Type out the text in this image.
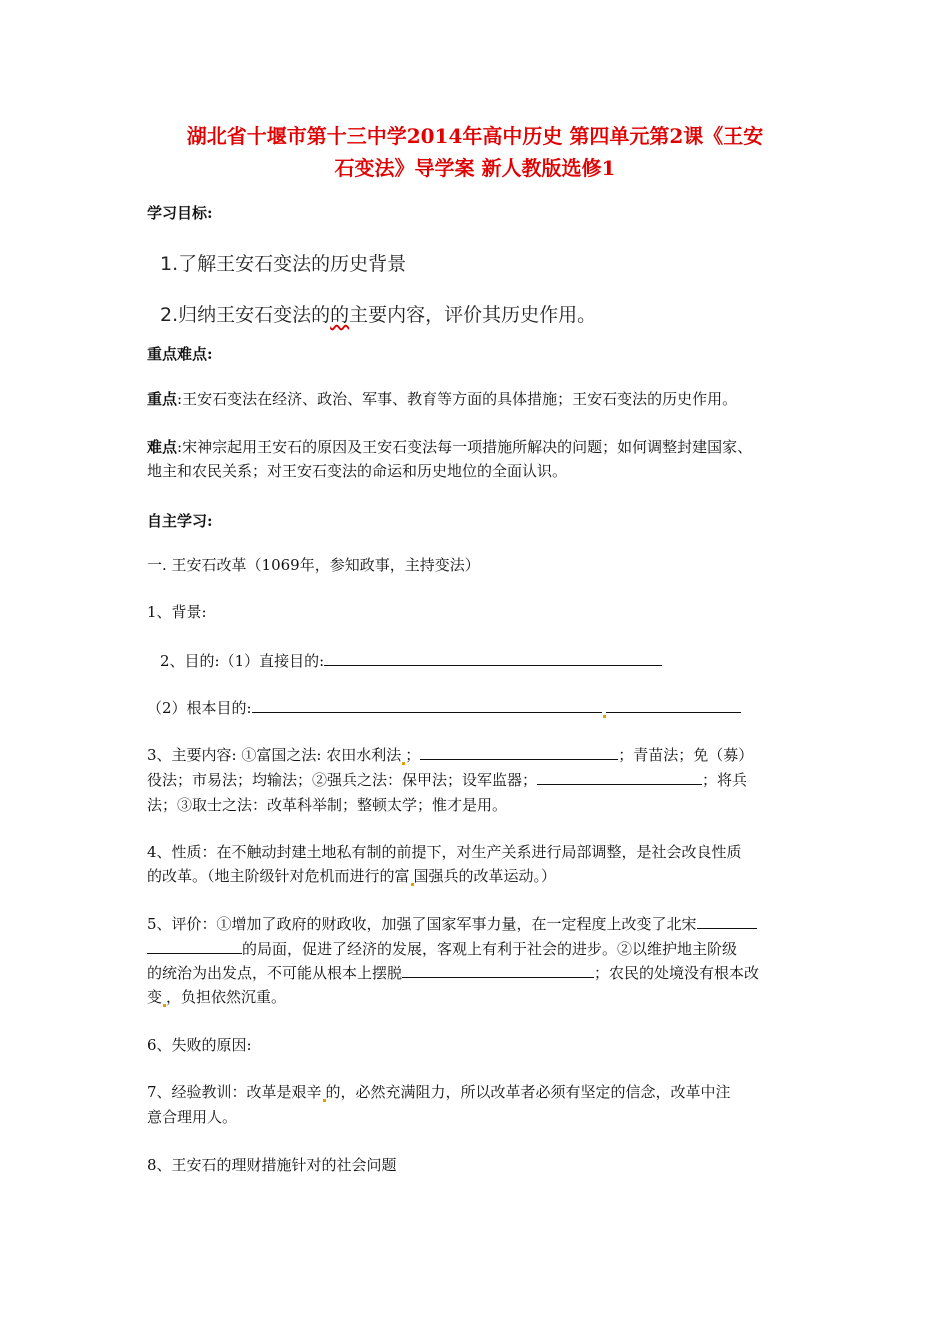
湖北省十堰市第十三中学2014年高中历史 第四单元第2课《王安
石变法》导学案 新人教版选修1
学习目标:
1.了解王安石变法的历史背景
2.归纳王安石变法的的主要内容，评价其历史作用。
重点难点:
重点:王安石变法在经济、政治、军事、教育等方面的具体措施；王安石变法的历史作用。
难点:宋神宗起用王安石的原因及王安石变法每一项措施所解决的问题；如何调整封建国家、
地主和农民关系；对王安石变法的命运和历史地位的全面认识。
自主学习:
一. 王安石改革（1069年，参知政事，主持变法）
1、背景:
2、目的:（1）直接目的:
（2）根本目的:
3、主要内容: ①富国之法: 农田水利法 ；	；青苗法；免（募）
役法；市易法；均输法；②强兵之法：保甲法；设军监器；	；将兵
法；③取士之法：改革科举制；整顿太学；惟才是用。
4、性质：在不触动封建土地私有制的前提下，对生产关系进行局部调整，是社会改良性质
的改革。（地主阶级针对危机而进行的富 国强兵的改革运动。）
5、评价：①增加了政府的财政收，加强了国家军事力量，在一定程度上改变了北宋
的局面，促进了经济的发展，客观上有利于社会的进步。②以维护地主阶级
的统治为出发点，不可能从根本上摆脱	；农民的处境没有根本改
变 ，负担依然沉重。
6、失败的原因:
7、经验教训：改革是艰辛 的，必然充满阻力，所以改革者必须有坚定的信念，改革中注
意合理用人。
8、王安石的理财措施针对的社会问题
